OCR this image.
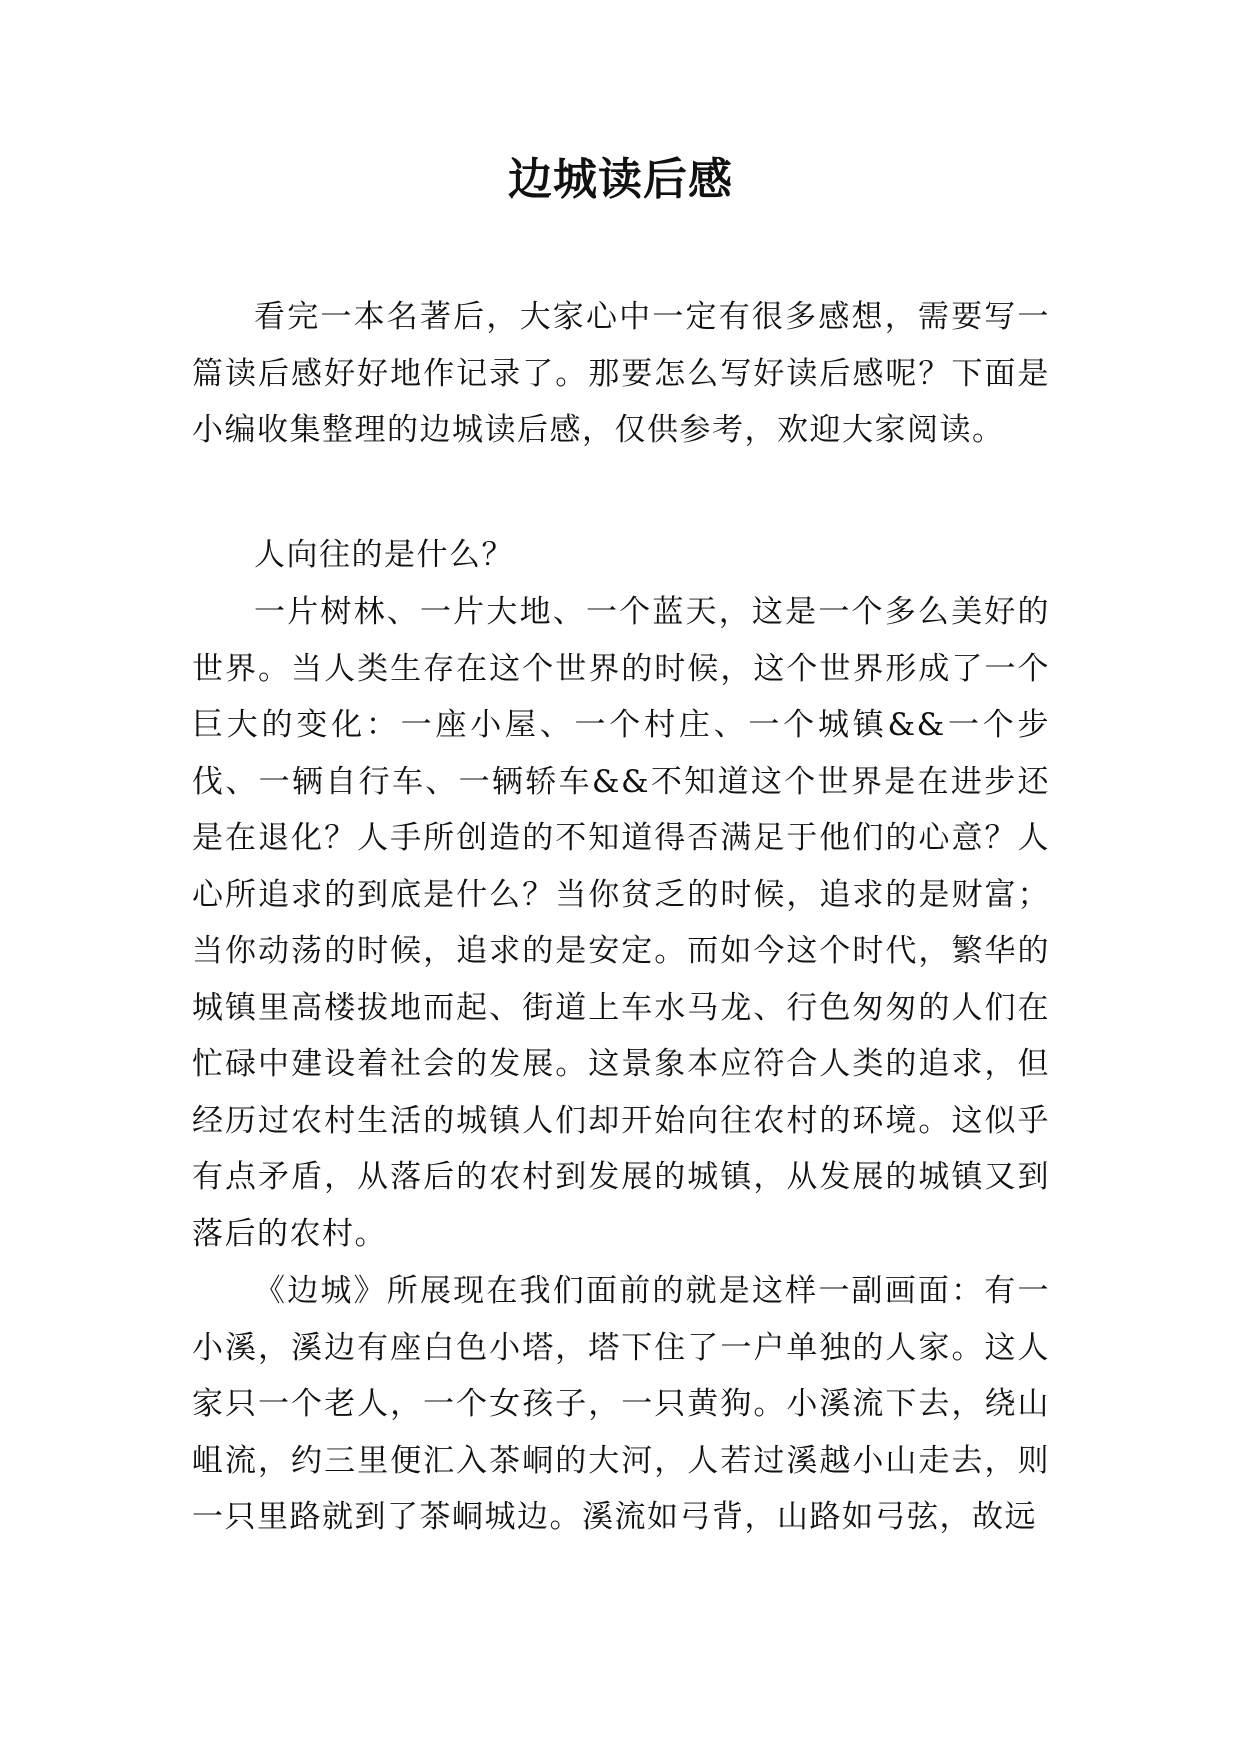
边城读后感

看完一本名著后，大家心中一定有很多感想，需要写一篇读后感好好地作记录了。那要怎么写好读后感呢？下面是小编收集整理的边城读后感，仅供参考，欢迎大家阅读。

人向往的是什么？

一片树林、一片大地、一个蓝天，这是一个多么美好的世界。当人类生存在这个世界的时候，这个世界形成了一个巨大的变化：一座小屋、一个村庄、一个城镇&&一个步伐、一辆自行车、一辆轿车&&不知道这个世界是在进步还是在退化？人手所创造的不知道得否满足于他们的心意？人心所追求的到底是什么？当你贫乏的时候，追求的是财富；当你动荡的时候，追求的是安定。而如今这个时代，繁华的城镇里高楼拔地而起、街道上车水马龙、行色匆匆的人们在忙碌中建设着社会的发展。这景象本应符合人类的追求，但经历过农村生活的城镇人们却开始向往农村的环境。这似乎有点矛盾，从落后的农村到发展的城镇，从发展的城镇又到落后的农村。

《边城》所展现在我们面前的就是这样一副画面：有一小溪，溪边有座白色小塔，塔下住了一户单独的人家。这人家只一个老人，一个女孩子，一只黄狗。小溪流下去，绕山岨流，约三里便汇入茶峒的大河，人若过溪越小山走去，则一只里路就到了茶峒城边。溪流如弓背，山路如弓弦，故远
